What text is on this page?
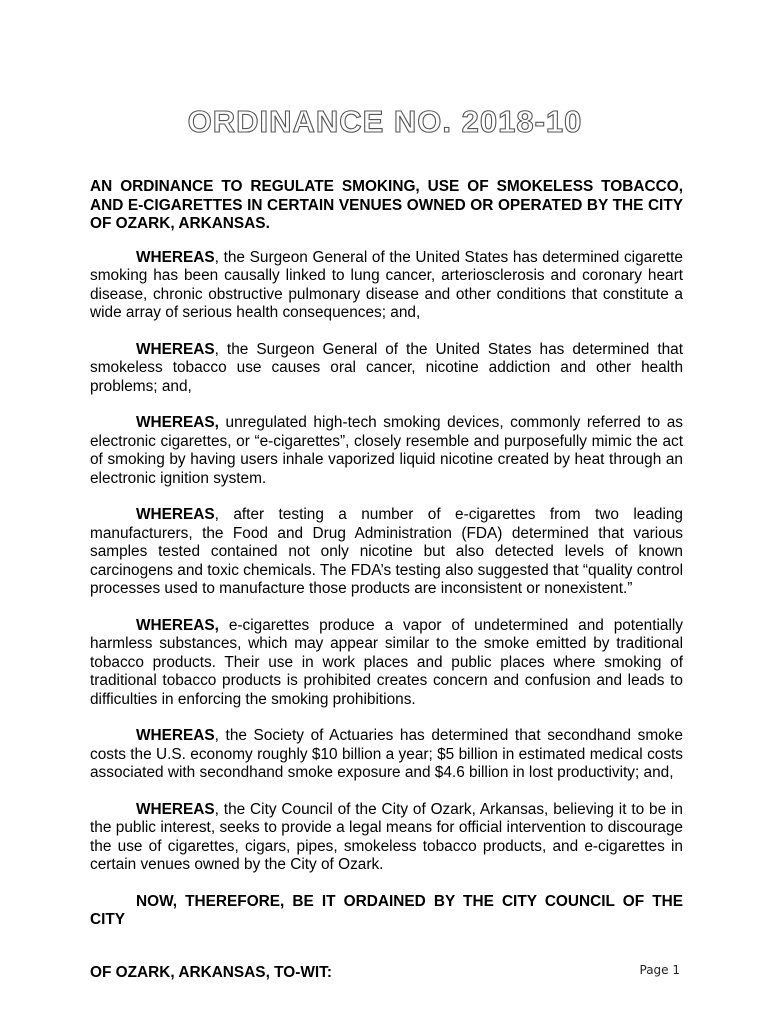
ORDINANCE NO. 2018-10

AN ORDINANCE TO REGULATE SMOKING, USE OF SMOKELESS TOBACCO, AND E-CIGARETTES IN CERTAIN VENUES OWNED OR OPERATED BY THE CITY OF OZARK, ARKANSAS.

WHEREAS, the Surgeon General of the United States has determined cigarette smoking has been causally linked to lung cancer, arteriosclerosis and coronary heart disease, chronic obstructive pulmonary disease and other conditions that constitute a wide array of serious health consequences; and,

WHEREAS, the Surgeon General of the United States has determined that smokeless tobacco use causes oral cancer, nicotine addiction and other health problems; and,

WHEREAS, unregulated high-tech smoking devices, commonly referred to as electronic cigarettes, or “e-cigarettes”, closely resemble and purposefully mimic the act of smoking by having users inhale vaporized liquid nicotine created by heat through an electronic ignition system.

WHEREAS, after testing a number of e-cigarettes from two leading manufacturers, the Food and Drug Administration (FDA) determined that various samples tested contained not only nicotine but also detected levels of known carcinogens and toxic chemicals. The FDA’s testing also suggested that “quality control processes used to manufacture those products are inconsistent or nonexistent.”

WHEREAS, e-cigarettes produce a vapor of undetermined and potentially harmless substances, which may appear similar to the smoke emitted by traditional tobacco products. Their use in work places and public places where smoking of traditional tobacco products is prohibited creates concern and confusion and leads to difficulties in enforcing the smoking prohibitions.

WHEREAS, the Society of Actuaries has determined that secondhand smoke costs the U.S. economy roughly $10 billion a year; $5 billion in estimated medical costs associated with secondhand smoke exposure and $4.6 billion in lost productivity; and,

WHEREAS, the City Council of the City of Ozark, Arkansas, believing it to be in the public interest, seeks to provide a legal means for official intervention to discourage the use of cigarettes, cigars, pipes, smokeless tobacco products, and e-cigarettes in certain venues owned by the City of Ozark.

NOW, THEREFORE, BE IT ORDAINED BY THE CITY COUNCIL OF THE CITY

OF OZARK, ARKANSAS, TO-WIT:	Page 1
